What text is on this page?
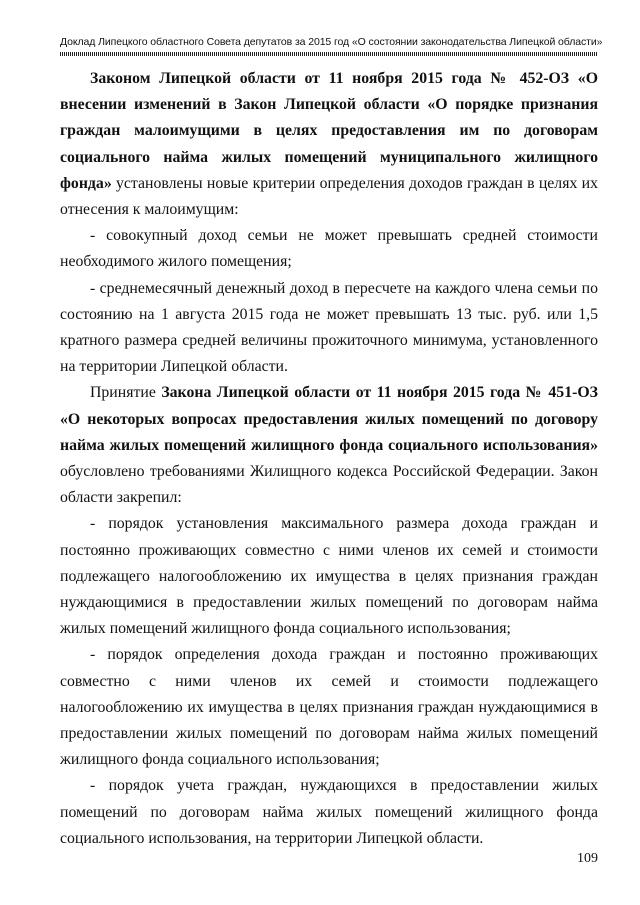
Доклад Липецкого областного Совета депутатов за 2015 год «О состоянии законодательства Липецкой области»

Законом Липецкой области от 11 ноября 2015 года № 452-ОЗ «О внесении изменений в Закон Липецкой области «О порядке признания граждан малоимущими в целях предоставления им по договорам социального найма жилых помещений муниципального жилищного фонда» установлены новые критерии определения доходов граждан в целях их отнесения к малоимущим:

- совокупный доход семьи не может превышать средней стоимости необходимого жилого помещения;

- среднемесячный денежный доход в пересчете на каждого члена семьи по состоянию на 1 августа 2015 года не может превышать 13 тыс. руб. или 1,5 кратного размера средней величины прожиточного минимума, установленного на территории Липецкой области.

Принятие Закона Липецкой области от 11 ноября 2015 года № 451-ОЗ «О некоторых вопросах предоставления жилых помещений по договору найма жилых помещений жилищного фонда социального использования» обусловлено требованиями Жилищного кодекса Российской Федерации. Закон области закрепил:

- порядок установления максимального размера дохода граждан и постоянно проживающих совместно с ними членов их семей и стоимости подлежащего налогообложению их имущества в целях признания граждан нуждающимися в предоставлении жилых помещений по договорам найма жилых помещений жилищного фонда социального использования;

- порядок определения дохода граждан и постоянно проживающих совместно с ними членов их семей и стоимости подлежащего налогообложению их имущества в целях признания граждан нуждающимися в предоставлении жилых помещений по договорам найма жилых помещений жилищного фонда социального использования;

- порядок учета граждан, нуждающихся в предоставлении жилых помещений по договорам найма жилых помещений жилищного фонда социального использования, на территории Липецкой области.

109
